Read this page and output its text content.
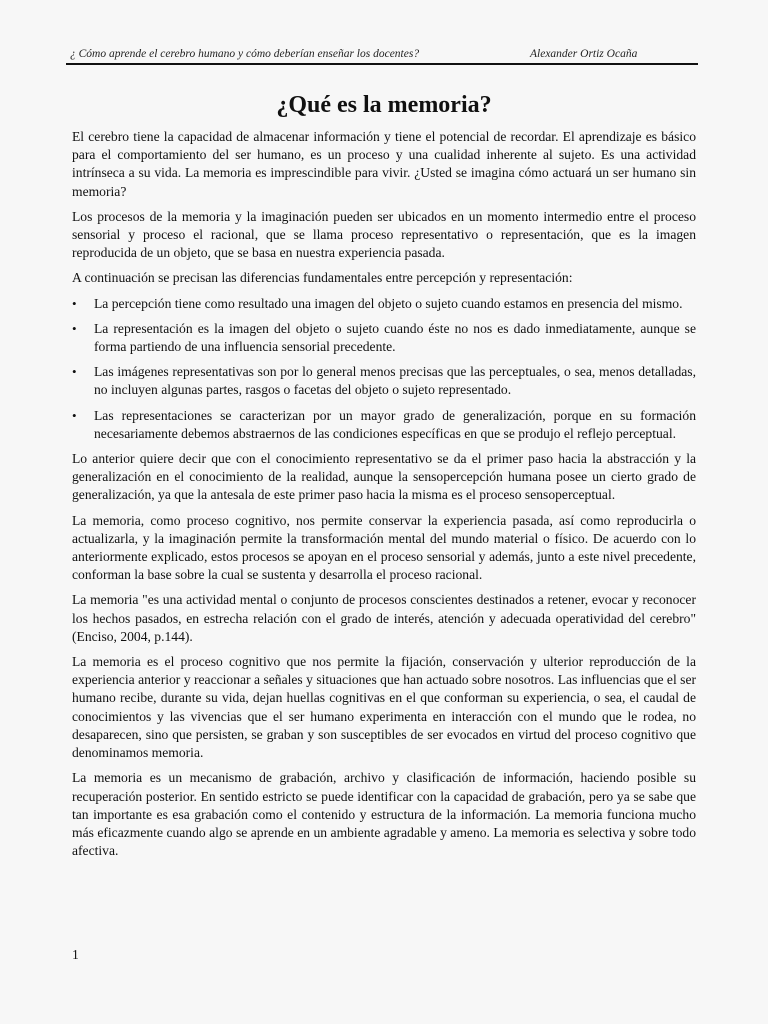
¿ Cómo aprende el cerebro humano y cómo deberían enseñar los docentes?	Alexander Ortiz Ocaña
¿Qué es la memoria?

El cerebro tiene la capacidad de almacenar información y tiene el potencial de recordar. El aprendizaje es básico para el comportamiento del ser humano, es un proceso y una cualidad inherente al sujeto. Es una actividad intrínseca a su vida. La memoria es imprescindible para vivir. ¿Usted se imagina cómo actuará un ser humano sin memoria?

Los procesos de la memoria y la imaginación pueden ser ubicados en un momento intermedio entre el proceso sensorial y proceso el racional, que se llama proceso representativo o representación, que es la imagen reproducida de un objeto, que se basa en nuestra experiencia pasada.

A continuación se precisan las diferencias fundamentales entre percepción y representación:

• La percepción tiene como resultado una imagen del objeto o sujeto cuando estamos en presencia del mismo.
• La representación es la imagen del objeto o sujeto cuando éste no nos es dado inmediatamente, aunque se forma partiendo de una influencia sensorial precedente.
• Las imágenes representativas son por lo general menos precisas que las perceptuales, o sea, menos detalladas, no incluyen algunas partes, rasgos o facetas del objeto o sujeto representado.
• Las representaciones se caracterizan por un mayor grado de generalización, porque en su formación necesariamente debemos abstraernos de las condiciones específicas en que se produjo el reflejo perceptual.

Lo anterior quiere decir que con el conocimiento representativo se da el primer paso hacia la abstracción y la generalización en el conocimiento de la realidad, aunque la sensopercepción humana posee un cierto grado de generalización, ya que la antesala de este primer paso hacia la misma es el proceso sensoperceptual.

La memoria, como proceso cognitivo, nos permite conservar la experiencia pasada, así como reproducirla o actualizarla, y la imaginación permite la transformación mental del mundo material o físico. De acuerdo con lo anteriormente explicado, estos procesos se apoyan en el proceso sensorial y además, junto a este nivel precedente, conforman la base sobre la cual se sustenta y desarrolla el proceso racional.

La memoria "es una actividad mental o conjunto de procesos conscientes destinados a retener, evocar y reconocer los hechos pasados, en estrecha relación con el grado de interés, atención y adecuada operatividad del cerebro" (Enciso, 2004, p.144).

La memoria es el proceso cognitivo que nos permite la fijación, conservación y ulterior reproducción de la experiencia anterior y reaccionar a señales y situaciones que han actuado sobre nosotros. Las influencias que el ser humano recibe, durante su vida, dejan huellas cognitivas en el que conforman su experiencia, o sea, el caudal de conocimientos y las vivencias que el ser humano experimenta en interacción con el mundo que le rodea, no desaparecen, sino que persisten, se graban y son susceptibles de ser evocados en virtud del proceso cognitivo que denominamos memoria.

La memoria es un mecanismo de grabación, archivo y clasificación de información, haciendo posible su recuperación posterior. En sentido estricto se puede identificar con la capacidad de grabación, pero ya se sabe que tan importante es esa grabación como el contenido y estructura de la información. La memoria funciona mucho más eficazmente cuando algo se aprende en un ambiente agradable y ameno. La memoria es selectiva y sobre todo afectiva.

1
